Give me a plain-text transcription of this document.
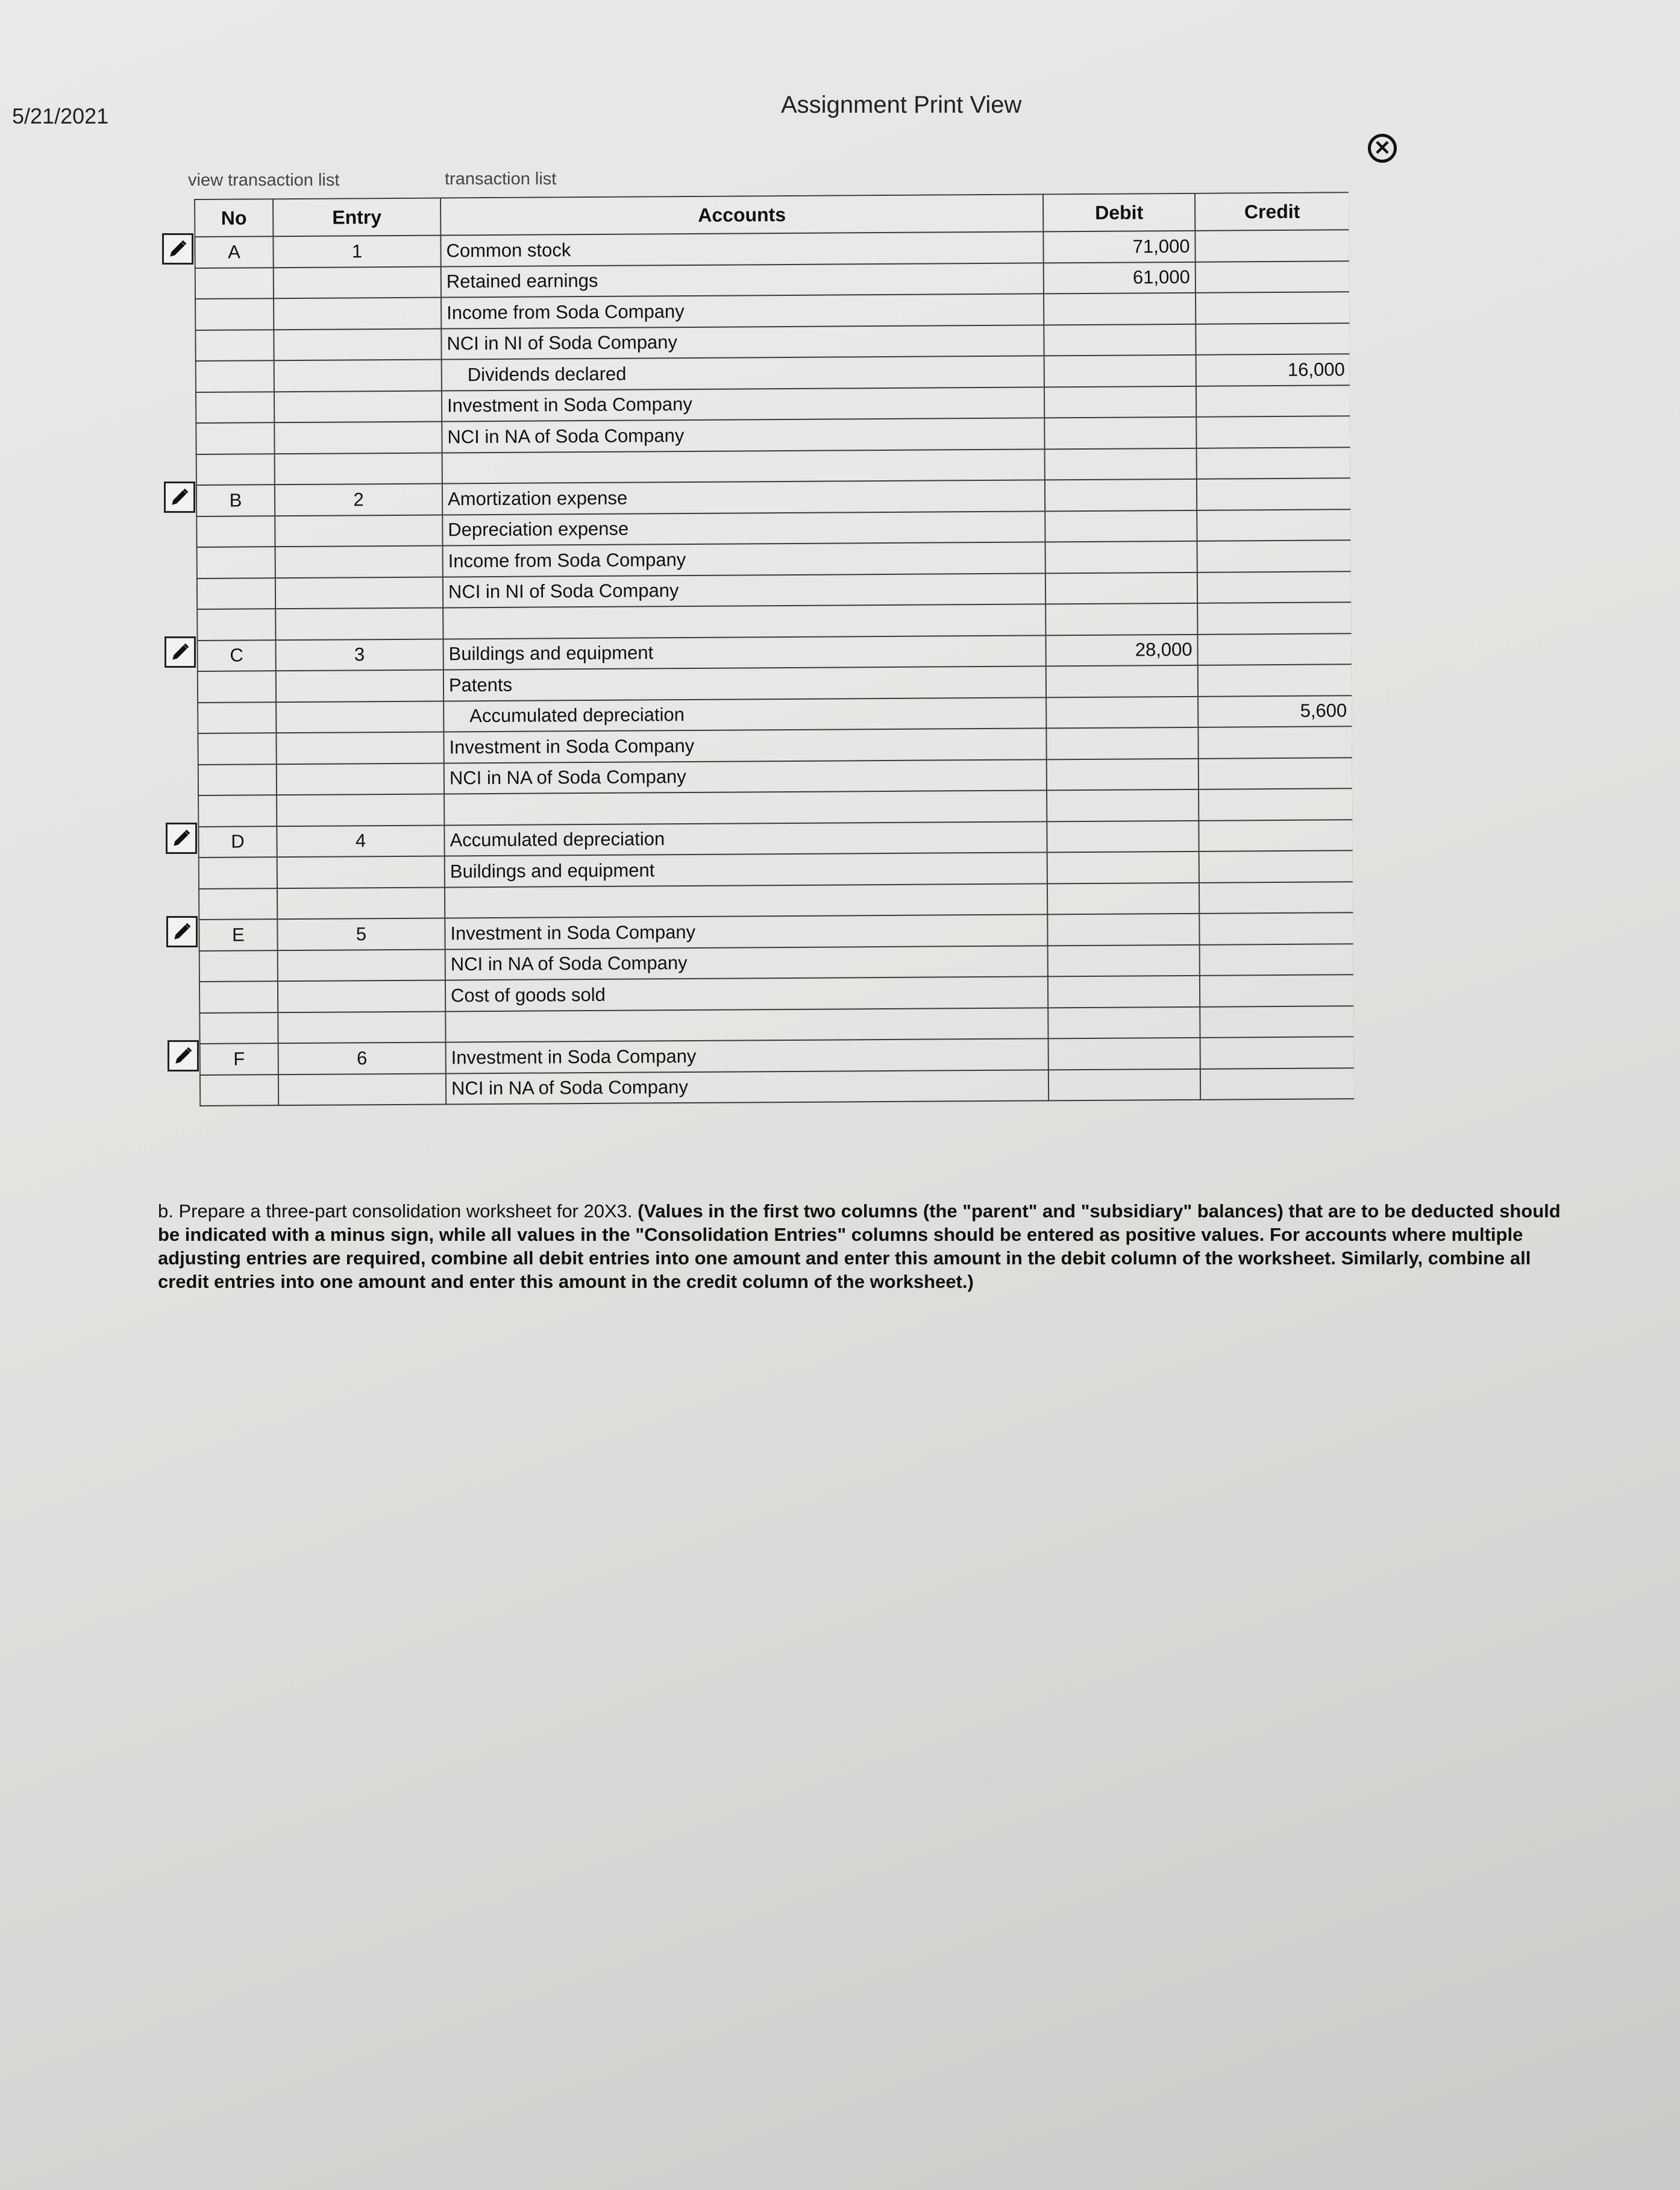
5/21/2021	Assignment Print View
✕
view transaction list	transaction list
No	Entry	Accounts	Debit	Credit
A	1	Common stock	71,000	
		Retained earnings	61,000	
		Income from Soda Company		
		NCI in NI of Soda Company		
		Dividends declared		16,000
		Investment in Soda Company		
		NCI in NA of Soda Company		

B	2	Amortization expense		
		Depreciation expense		
		Income from Soda Company		
		NCI in NI of Soda Company		

C	3	Buildings and equipment	28,000	
		Patents		
		Accumulated depreciation		5,600
		Investment in Soda Company		
		NCI in NA of Soda Company		

D	4	Accumulated depreciation		
		Buildings and equipment		

E	5	Investment in Soda Company		
		NCI in NA of Soda Company		
		Cost of goods sold		

F	6	Investment in Soda Company		
		NCI in NA of Soda Company		
b. Prepare a three-part consolidation worksheet for 20X3. (Values in the first two columns (the "parent" and "subsidiary" balances) that are to be deducted should be indicated with a minus sign, while all values in the "Consolidation Entries" columns should be entered as positive values. For accounts where multiple adjusting entries are required, combine all debit entries into one amount and enter this amount in the debit column of the worksheet. Similarly, combine all credit entries into one amount and enter this amount in the credit column of the worksheet.)
